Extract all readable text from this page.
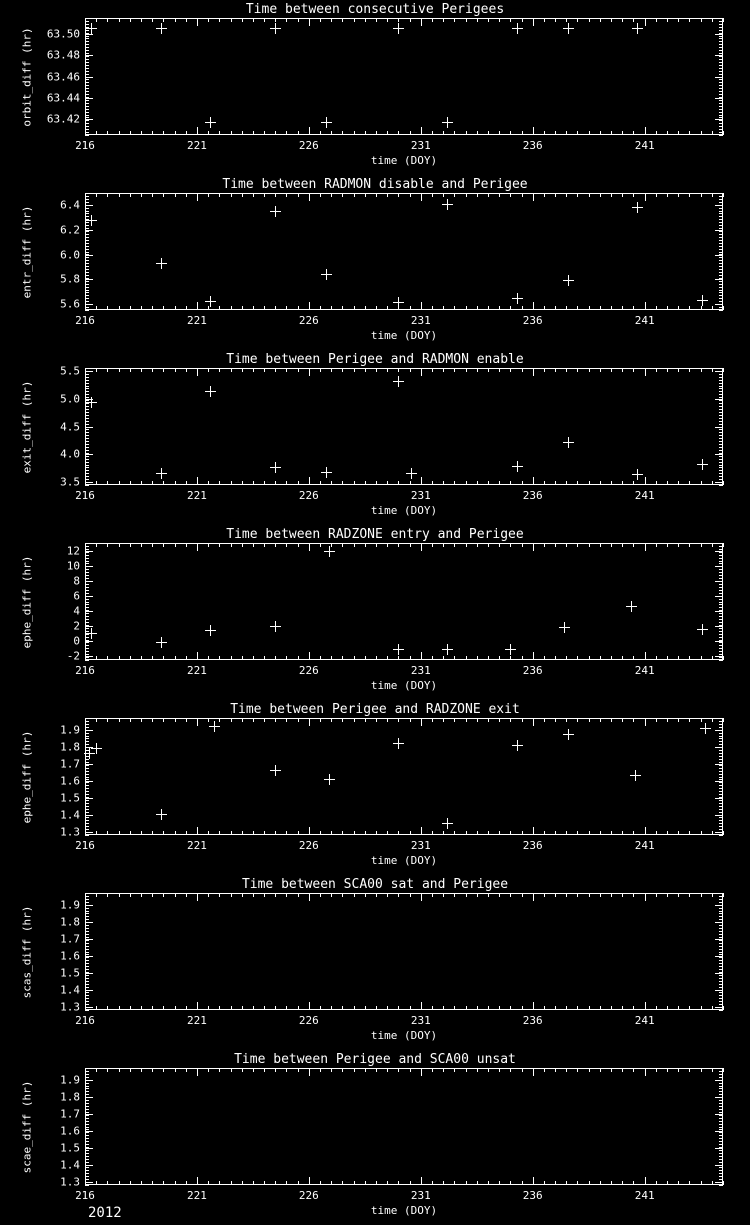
Time between consecutive Perigees
orbit_diff (hr)
time (DOY)
63.42
63.44
63.46
63.48
63.50
216	221	226	231	236	241
Time between RADMON disable and Perigee
entr_diff (hr)
time (DOY)
5.6
5.8
6.0
6.2
6.4
216	221	226	231	236	241
Time between Perigee and RADMON enable
exit_diff (hr)
time (DOY)
3.5
4.0
4.5
5.0
5.5
216	221	226	231	236	241
Time between RADZONE entry and Perigee
ephe_diff (hr)
time (DOY)
-2
0
2
4
6
8
10
12
216	221	226	231	236	241
Time between Perigee and RADZONE exit
ephe_diff (hr)
time (DOY)
1.3
1.4
1.5
1.6
1.7
1.8
1.9
216	221	226	231	236	241
Time between SCA00 sat and Perigee
scas_diff (hr)
time (DOY)
1.3
1.4
1.5
1.6
1.7
1.8
1.9
216	221	226	231	236	241
Time between Perigee and SCA00 unsat
scae_diff (hr)
time (DOY)
1.3
1.4
1.5
1.6
1.7
1.8
1.9
216	221	226	231	236	241
2012
